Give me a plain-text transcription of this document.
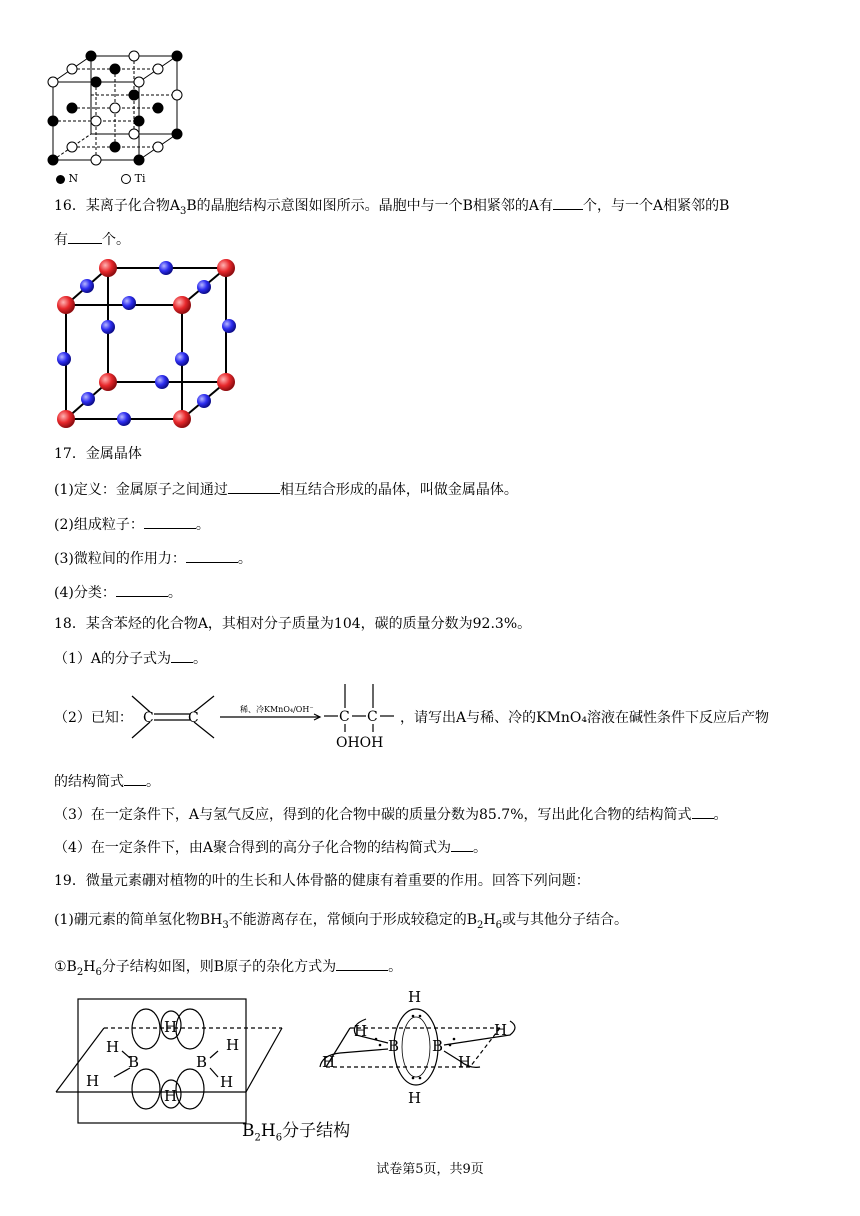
N	Ti
16．某离子化合物$A_3B$的晶胞结构示意图如图所示。晶胞中与一个B相紧邻的A有 个，与一个A相紧邻的B
有 个。
17．金属晶体
(1)定义：金属原子之间通过	相互结合形成的晶体，叫做金属晶体。
(2)组成粒子：	。
(3)微粒间的作用力：	。
(4)分类：	。
18．某含苯烃的化合物A，其相对分子质量为104，碳的质量分数为92.3%。
（1）A的分子式为 。
（2）已知： C C
稀、冷KMnO₄/OH⁻ C C
OHOH
，请写出A与稀、冷的KMnO₄溶液在碱性条件下反应后产物
的结构简式 。
（3）在一定条件下，A与氢气反应，得到的化合物中碳的质量分数为85.7%，写出此化合物的结构简式 。
（4）在一定条件下，由A聚合得到的高分子化合物的结构简式为 。
19．微量元素硼对植物的叶的生长和人体骨骼的健康有着重要的作用。回答下列问题：
(1)硼元素的简单氢化物$BH_3$不能游离存在，常倾向于形成较稳定的$B_2H_6$或与其他分子结合。
$①B_2H_6$分子结构如图，则B原子的杂化方式为	。
H
H
H
B	B
H
H	H
H
H
H
H
B B
H
H
$B_2H_6$分子结构
试卷第5页，共9页
